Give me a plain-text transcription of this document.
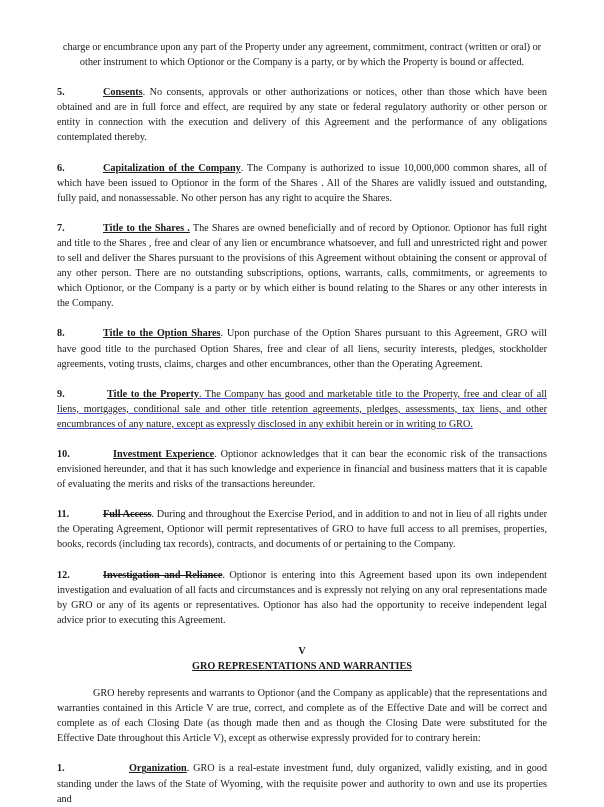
charge or encumbrance upon any part of the Property under any agreement, commitment, contract (written or oral) or other instrument to which Optionor or the Company is a party, or by which the Property is bound or affected.

5.	Consents. No consents, approvals or other authorizations or notices, other than those which have been obtained and are in full force and effect, are required by any state or federal regulatory authority or other person or entity in connection with the execution and delivery of this Agreement and the performance of any obligations contemplated thereby.

6.	Capitalization of the Company. The Company is authorized to issue 10,000,000 common shares, all of which have been issued to Optionor in the form of the Shares . All of the Shares are validly issued and outstanding, fully paid, and nonassessable. No other person has any right to acquire the Shares.

7.	Title to the Shares . The Shares are owned beneficially and of record by Optionor. Optionor has full right and title to the Shares , free and clear of any lien or encumbrance whatsoever, and full and unrestricted right and power to sell and deliver the Shares pursuant to the provisions of this Agreement without obtaining the consent or approval of any other person. There are no outstanding subscriptions, options, warrants, calls, commitments, or agreements to which Optionor, or the Company is a party or by which either is bound relating to the Shares or any other interests in the Company.

8.	Title to the Option Shares. Upon purchase of the Option Shares pursuant to this Agreement, GRO will have good title to the purchased Option Shares, free and clear of all liens, security interests, pledges, stockholder agreements, voting trusts, claims, charges and other encumbrances, other than the Operating Agreement.

9.	Title to the Property. The Company has good and marketable title to the Property, free and clear of all liens, mortgages, conditional sale and other title retention agreements, pledges, assessments, tax liens, and other encumbrances of any nature, except as expressly disclosed in any exhibit herein or in writing to GRO.

10.	Investment Experience. Optionor acknowledges that it can bear the economic risk of the transactions envisioned hereunder, and that it has such knowledge and experience in financial and business matters that it is capable of evaluating the merits and risks of the transactions hereunder.

11.	Full Access. During and throughout the Exercise Period, and in addition to and not in lieu of all rights under the Operating Agreement, Optionor will permit representatives of GRO to have full access to all premises, properties, books, records (including tax records), contracts, and documents of or pertaining to the Company.

12.	Investigation and Reliance. Optionor is entering into this Agreement based upon its own independent investigation and evaluation of all facts and circumstances and is expressly not relying on any oral representations made by GRO or any of its agents or representatives. Optionor has also had the opportunity to receive independent legal advice prior to executing this Agreement.

V

GRO REPRESENTATIONS AND WARRANTIES

GRO hereby represents and warrants to Optionor (and the Company as applicable) that the representations and warranties contained in this Article V are true, correct, and complete as of the Effective Date and will be correct and complete as of each Closing Date (as though made then and as though the Closing Date were substituted for the Effective Date throughout this Article V), except as otherwise expressly provided for to contrary herein:

1.	Organization. GRO is a real-estate investment fund, duly organized, validly existing, and in good standing under the laws of the State of Wyoming, with the requisite power and authority to own and use its properties and
